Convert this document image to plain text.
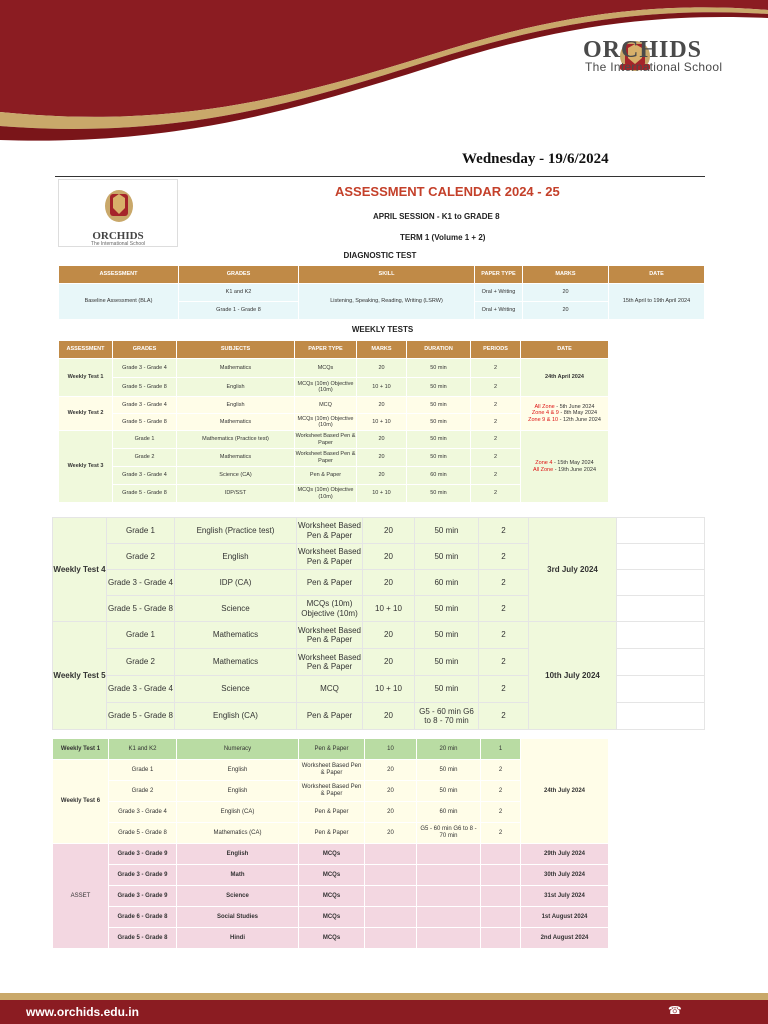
ORCHIDS
The International School
Wednesday - 19/6/2024
ORCHIDS
The International School
ASSESSMENT CALENDAR 2024 - 25
APRIL SESSION - K1 to GRADE 8
TERM 1 (Volume 1 + 2)
DIAGNOSTIC TEST
ASSESSMENT	GRADES	SKILL	PAPER TYPE	MARKS	DATE
Baseline Assessment (BLA)	K1 and K2	Listening, Speaking, Reading, Writing (LSRW)	Oral + Writing	20	15th April to 19th April 2024
	Grade 1 - Grade 8		Oral + Writing	20	
WEEKLY TESTS
ASSESSMENT	GRADES	SUBJECTS	PAPER TYPE	MARKS	DURATION	PERIODS	DATE
Weekly Test 1	Grade 3 - Grade 4	Mathematics	MCQs	20	50 min	2	24th April 2024
	Grade 5 - Grade 8	English	MCQs (10m) Objective (10m)	10 + 10	50 min	2	
Weekly Test 2	Grade 3 - Grade 4	English	MCQ	20	50 min	2	All Zone - 5th June 2024
Zone 4 & 9 - 8th May 2024
Zone 9 & 10 - 12th June 2024

	Grade 5 - Grade 8	Mathematics	MCQs (10m) Objective (10m)	10 + 10	50 min	2	
Weekly Test 3	Grade 1	Mathematics (Practice test)	Worksheet Based Pen & Paper	20	50 min	2	Zone 4 - 15th May 2024
All Zone - 19th June 2024

	Grade 2	Mathematics	Worksheet Based Pen & Paper	20	50 min	2	
	Grade 3 - Grade 4	Science (CA)	Pen & Paper	20	60 min	2	
	Grade 5 - Grade 8	IDP/SST	MCQs (10m) Objective (10m)	10 + 10	50 min	2	
Weekly Test 4	Grade 1	English (Practice test)	Worksheet Based Pen & Paper	20	50 min	2	3rd July 2024	
	Grade 2	English	Worksheet Based Pen & Paper	20	50 min	2		
	Grade 3 - Grade 4	IDP (CA)	Pen & Paper	20	60 min	2		
	Grade 5 - Grade 8	Science	MCQs (10m) Objective (10m)	10 + 10	50 min	2		
Weekly Test 5	Grade 1	Mathematics	Worksheet Based Pen & Paper	20	50 min	2	10th July 2024	
	Grade 2	Mathematics	Worksheet Based Pen & Paper	20	50 min	2		
	Grade 3 - Grade 4	Science	MCQ	10 + 10	50 min	2		
	Grade 5 - Grade 8	English (CA)	Pen & Paper	20	G5 - 60 min G6 to 8 - 70 min	2		
Weekly Test 1	K1 and K2	Numeracy	Pen & Paper	10	20 min	1	24th July 2024
Weekly Test 6	Grade 1	English	Worksheet Based Pen & Paper	20	50 min	2	
	Grade 2	English	Worksheet Based Pen & Paper	20	50 min	2	
	Grade 3 - Grade 4	English (CA)	Pen & Paper	20	60 min	2	
	Grade 5 - Grade 8	Mathematics (CA)	Pen & Paper	20	G5 - 60 min G6 to 8 - 70 min	2	
ASSET	Grade 3 - Grade 9	English	MCQs				29th July 2024
	Grade 3 - Grade 9	Math	MCQs				30th July 2024
	Grade 3 - Grade 9	Science	MCQs				31st July 2024
	Grade 6 - Grade 8	Social Studies	MCQs				1st August 2024
	Grade 5 - Grade 8	Hindi	MCQs				2nd August 2024
www.orchids.edu.in	☎
